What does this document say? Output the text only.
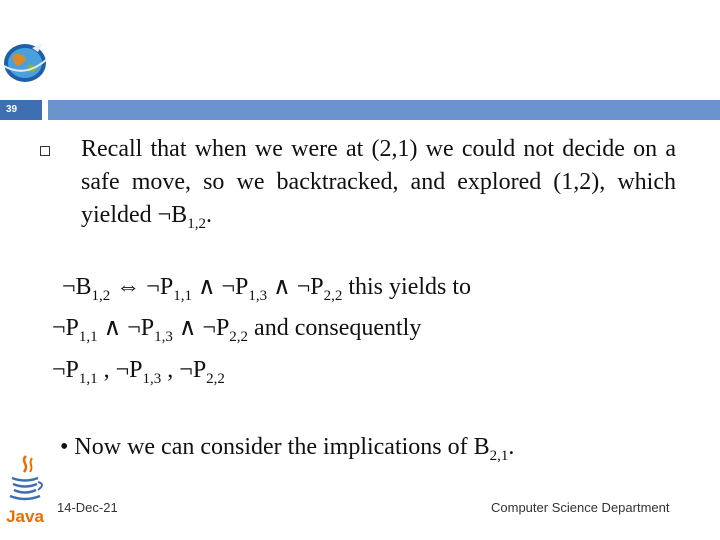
39
Recall that when we were at (2,1) we could not decide on a safe move, so we backtracked, and explored (1,2), which yielded $\neg B_{1,2}$.
$\neg B_{1,2}$ ⇔ $\neg P_{1,1}$ ∧ $\neg P_{1,3}$ ∧ $\neg P_{2,2}$ this yields to
$\neg P_{1,1}$ ∧ $\neg P_{1,3}$ ∧ $\neg P_{2,2}$ and consequently
$\neg P_{1,1}$ , $\neg P_{1,3}$ , $\neg P_{2,2}$
• Now we can consider the implications of $B_{2,1}$.
Java 14-Dec-21	Computer Science Department
